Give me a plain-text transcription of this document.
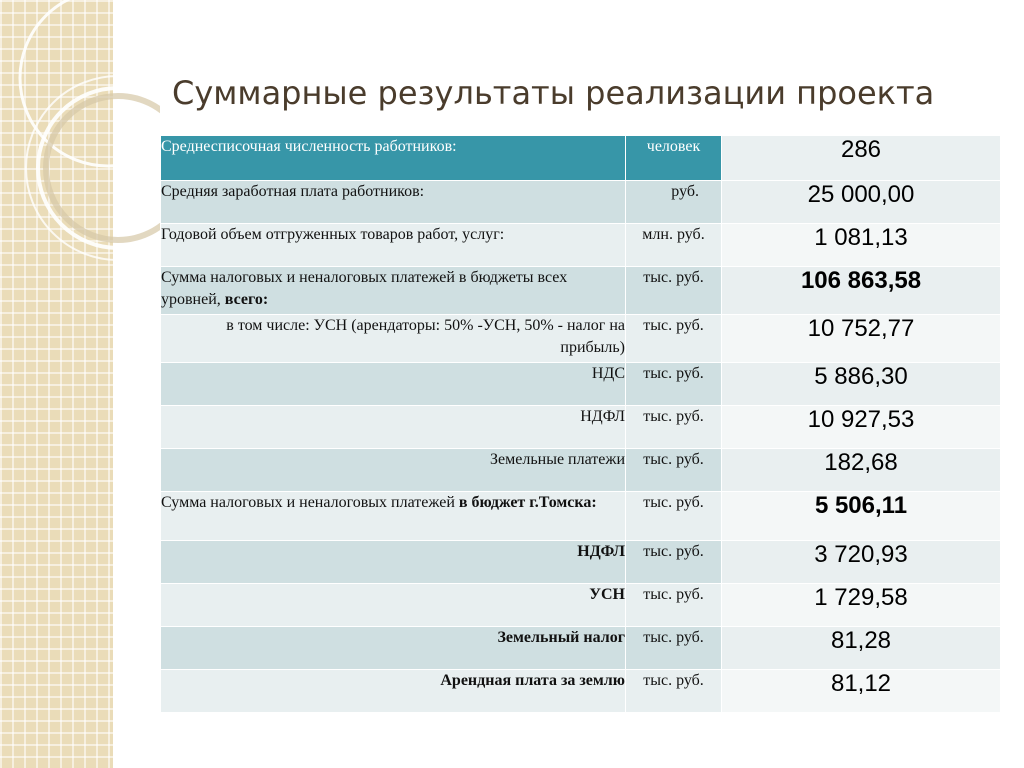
Суммарные результаты реализации проекта
Среднесписочная численность работников:	человек	286
Средняя заработная плата работников:	руб.	25 000,00
Годовой объем отгруженных товаров работ, услуг:	млн. руб.	1 081,13
Сумма налоговых и неналоговых платежей в бюджеты всех уровней, всего:	тыс. руб.	106 863,58
в том числе: УСН (арендаторы: 50% -УСН, 50% - налог на прибыль)	тыс. руб.	10 752,77
НДС	тыс. руб.	5 886,30
НДФЛ	тыс. руб.	10 927,53
Земельные платежи	тыс. руб.	182,68
Сумма налоговых и неналоговых платежей в бюджет г.Томска:	тыс. руб.	5 506,11
НДФЛ	тыс. руб.	3 720,93
УСН	тыс. руб.	1 729,58
Земельный налог	тыс. руб.	81,28
Арендная плата за землю	тыс. руб.	81,12
